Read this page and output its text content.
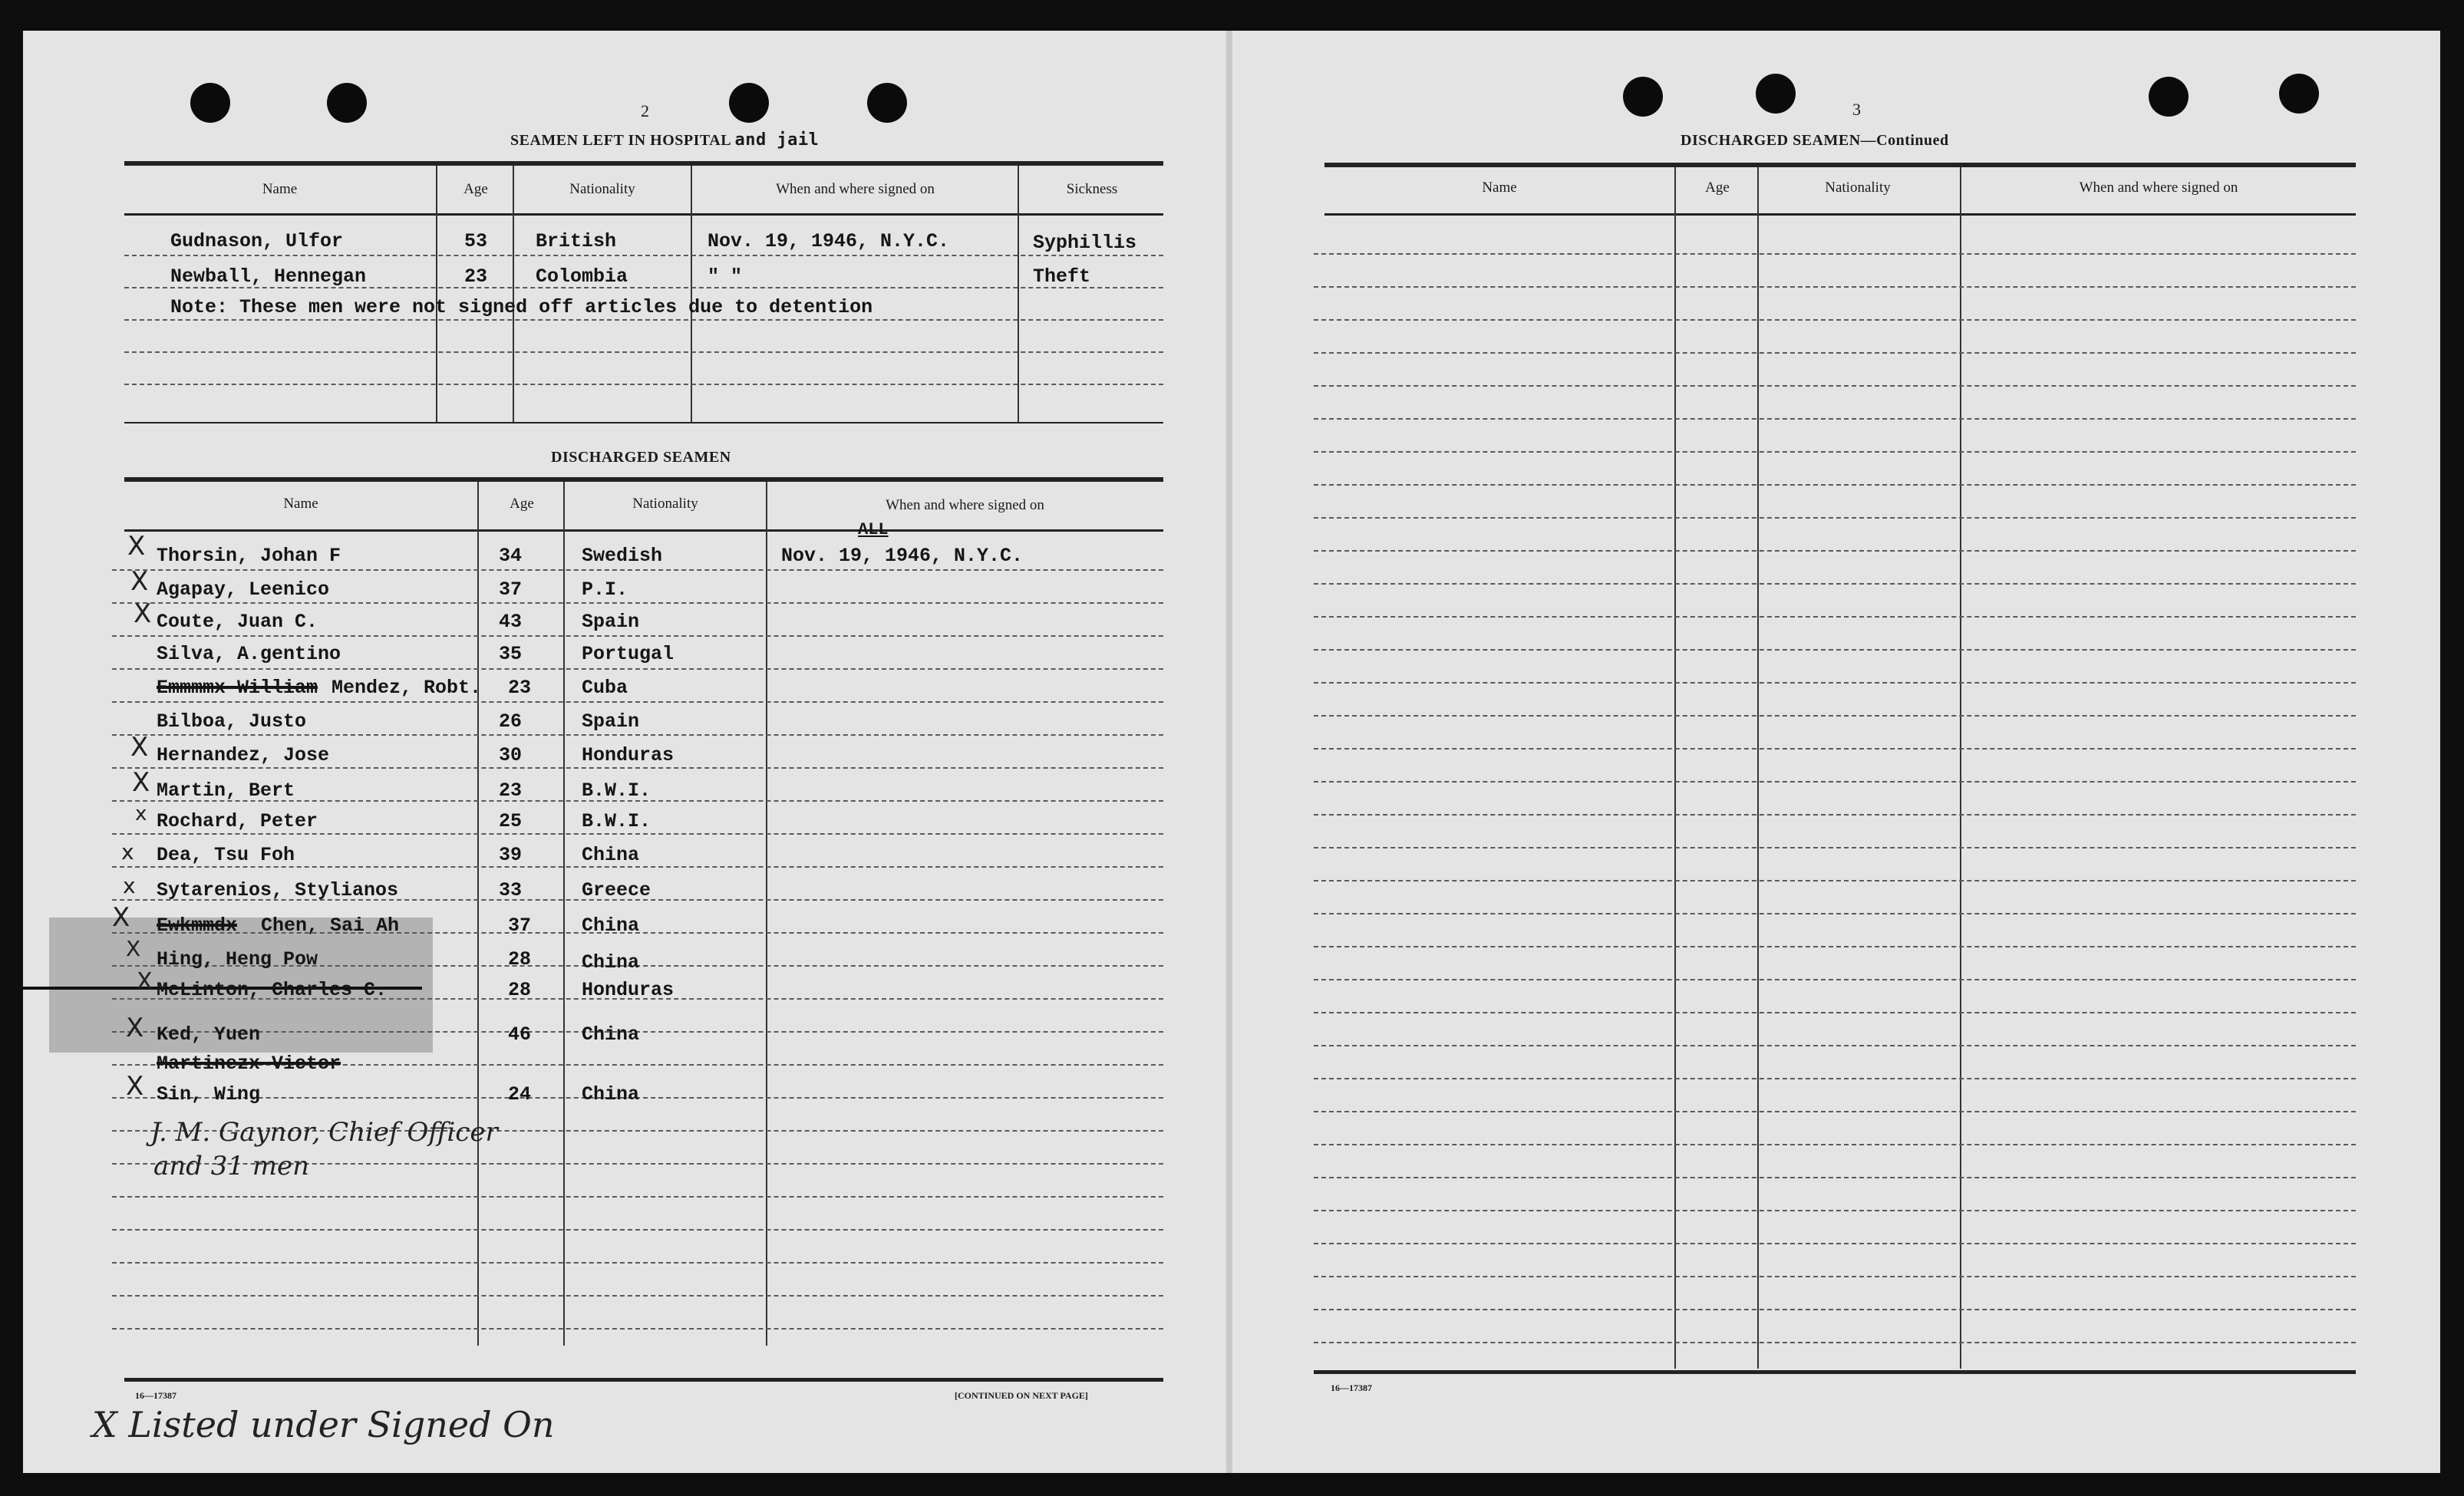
2
SEAMEN LEFT IN HOSPITAL and jail
Name	Age	Nationality	When and where signed on	Sickness
Gudnason, Ulfor	53	British	Nov. 19, 1946, N.Y.C.	Syphillis
Newball, Hennegan	23	Colombia	" "	Theft
Note: These men were not signed off articles due to detention
DISCHARGED SEAMEN
Name	Age	Nationality	When and where signed on
ALL
X Thorsin, Johan F	34	Swedish	Nov. 19, 1946, N.Y.C.
X Agapay, Leenico	37	P.I.
X Coute, Juan C.	43	Spain
Silva, A.gentino	35	Portugal
Emmmmx William Mendez, Robt. 23	Cuba
Bilboa, Justo	26	Spain
X Hernandez, Jose	30	Honduras
X Martin, Bert	23	B.W.I.
x Rochard, Peter	25	B.W.I.
x Dea, Tsu Foh	39	China
x Sytarenios, Stylianos	33	Greece
X Ewkmmdx Chen, Sai Ah	37	China
X Hing, Heng Pow	28	China
X McLinton, Charles C.	28	Honduras
X Ked, Yuen	46	China
Martinezx Victor
X Sin, Wing	24	China
J. M. Gaynor, Chief Officer
and 31 men
16—17387	[CONTINUED ON NEXT PAGE]
X Listed under Signed On
3
DISCHARGED SEAMEN—Continued
Name	Age	Nationality	When and where signed on
16—17387
